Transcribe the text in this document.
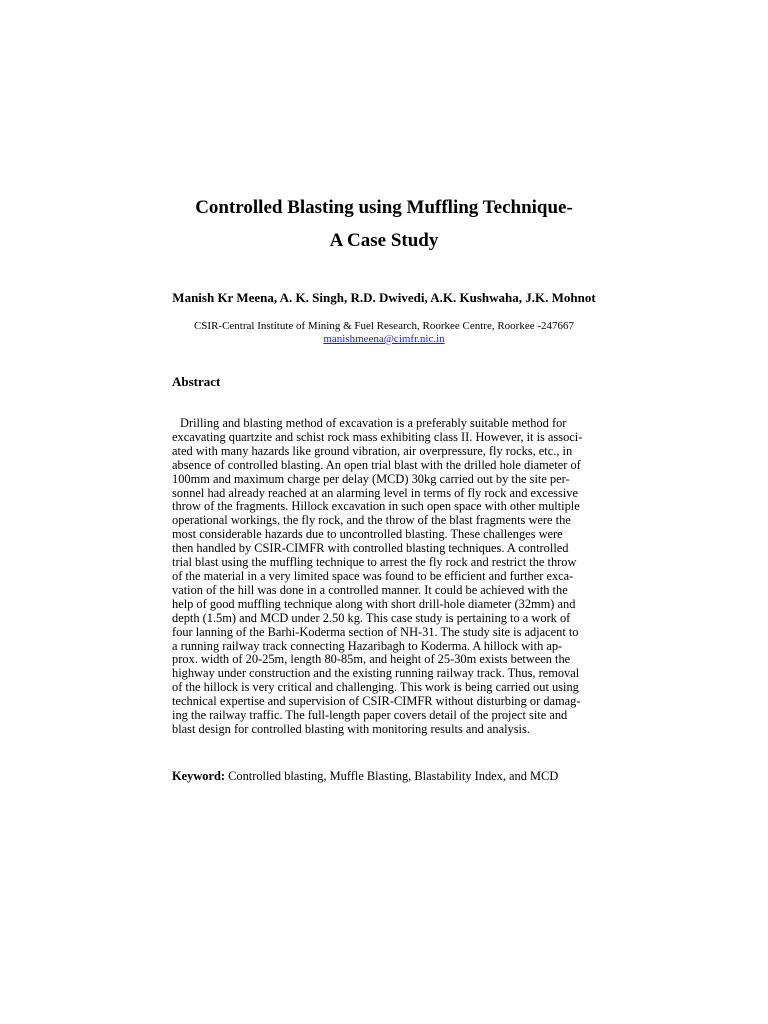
Controlled Blasting using Muffling Technique-
A Case Study
Manish Kr Meena, A. K. Singh, R.D. Dwivedi, A.K. Kushwaha, J.K. Mohnot
CSIR-Central Institute of Mining & Fuel Research, Roorkee Centre, Roorkee -247667
manishmeena@cimfr.nic.in
Abstract
Drilling and blasting method of excavation is a preferably suitable method for
excavating quartzite and schist rock mass exhibiting class II. However, it is associ-
ated with many hazards like ground vibration, air overpressure, fly rocks, etc., in
absence of controlled blasting. An open trial blast with the drilled hole diameter of
100mm and maximum charge per delay (MCD) 30kg carried out by the site per-
sonnel had already reached at an alarming level in terms of fly rock and excessive
throw of the fragments. Hillock excavation in such open space with other multiple
operational workings, the fly rock, and the throw of the blast fragments were the
most considerable hazards due to uncontrolled blasting. These challenges were
then handled by CSIR-CIMFR with controlled blasting techniques. A controlled
trial blast using the muffling technique to arrest the fly rock and restrict the throw
of the material in a very limited space was found to be efficient and further exca-
vation of the hill was done in a controlled manner. It could be achieved with the
help of good muffling technique along with short drill-hole diameter (32mm) and
depth (1.5m) and MCD under 2.50 kg. This case study is pertaining to a work of
four lanning of the Barhi-Koderma section of NH-31. The study site is adjacent to
a running railway track connecting Hazaribagh to Koderma. A hillock with ap-
prox. width of 20-25m, length 80-85m, and height of 25-30m exists between the
highway under construction and the existing running railway track. Thus, removal
of the hillock is very critical and challenging. This work is being carried out using
technical expertise and supervision of CSIR-CIMFR without disturbing or damag-
ing the railway traffic. The full-length paper covers detail of the project site and
blast design for controlled blasting with monitoring results and analysis.
Keyword: Controlled blasting, Muffle Blasting, Blastability Index, and MCD
